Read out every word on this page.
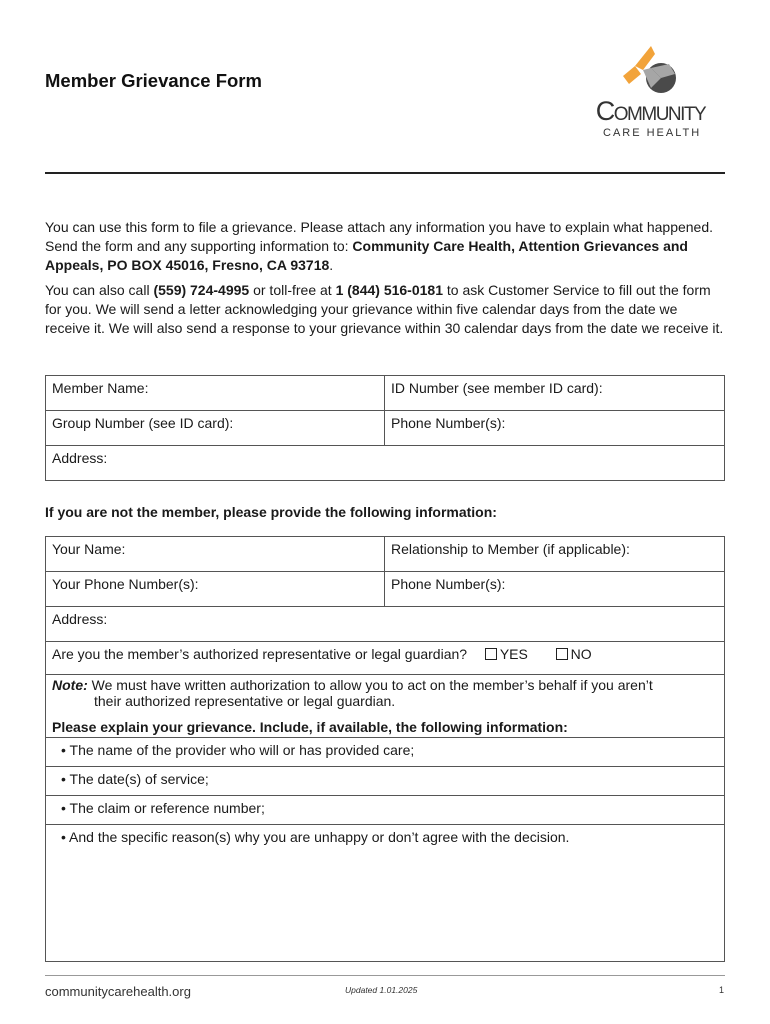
Member Grievance Form
Community
CARE HEALTH

You can use this form to file a grievance. Please attach any information you have to explain what happened. Send the form and any supporting information to: Community Care Health, Attention Grievances and Appeals, PO BOX 45016, Fresno, CA 93718.

You can also call (559) 724-4995 or toll-free at 1 (844) 516-0181 to ask Customer Service to fill out the form for you. We will send a letter acknowledging your grievance within five calendar days from the date we receive it. We will also send a response to your grievance within 30 calendar days from the date we receive it.

Member Name:	ID Number (see member ID card):
Group Number (see ID card):	Phone Number(s):
Address:	
If you are not the member, please provide the following information:
Your Name:	Relationship to Member (if applicable):
Your Phone Number(s):	Phone Number(s):
Address:	
Are you the member’s authorized representative or legal guardian? YES	NO
Note: We must have written authorization to allow you to act on the member’s behalf if you aren’t
their authorized representative or legal guardian.
Please explain your grievance. Include, if available, the following information:
• The name of the provider who will or has provided care;
• The date(s) of service;
• The claim or reference number;
• And the specific reason(s) why you are unhappy or don’t agree with the decision.
communitycarehealth.org	Updated 1.01.2025	1
